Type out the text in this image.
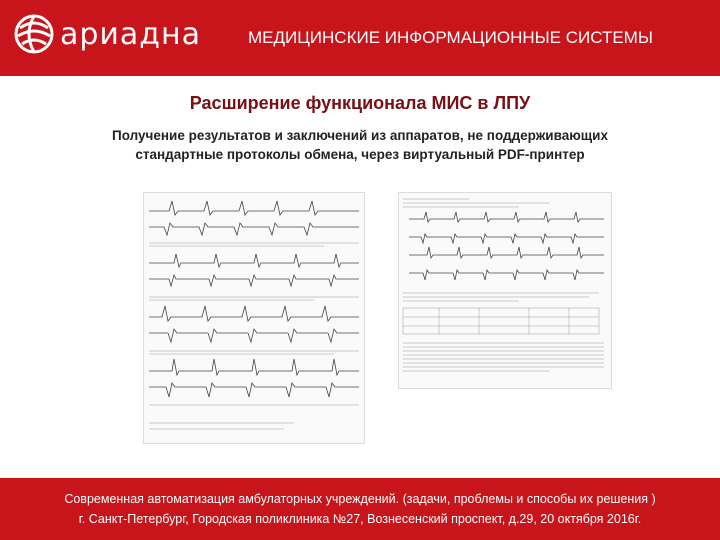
ариадна	МЕДИЦИНСКИЕ ИНФОРМАЦИОННЫЕ СИСТЕМЫ
Расширение функционала МИС в ЛПУ
Получение результатов и заключений из аппаратов, не поддерживающих
стандартные протоколы обмена, через виртуальный PDF-принтер
Современная автоматизация амбулаторных учреждений. (задачи, проблемы и способы их решения )
г. Санкт-Петербург, Городская поликлиника №27, Вознесенский проспект, д.29, 20 октября 2016г.
